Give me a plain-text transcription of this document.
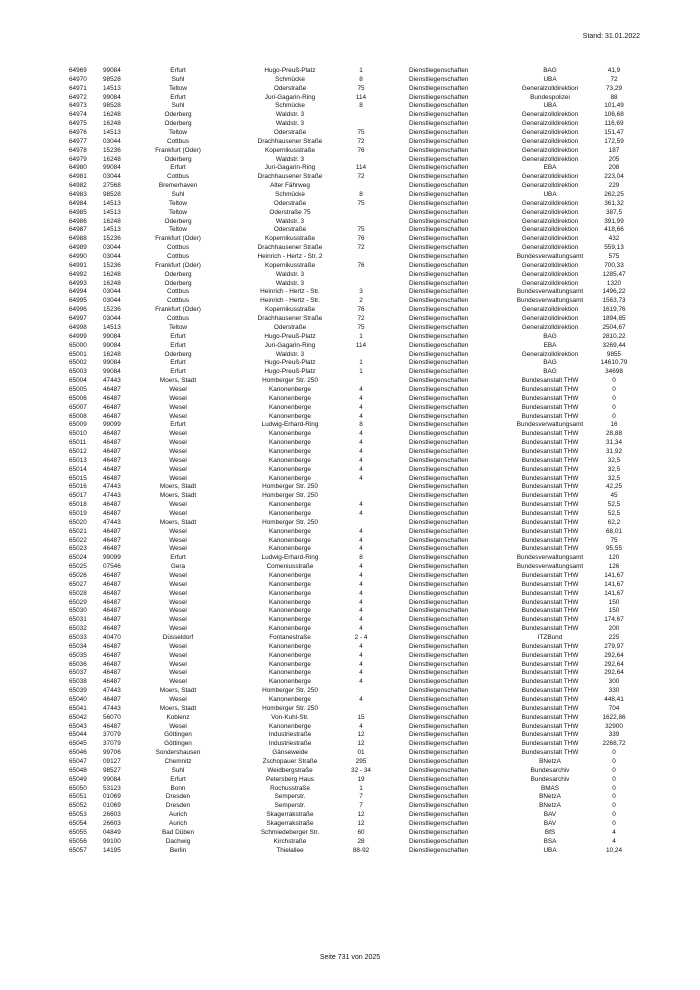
Stand: 31.01.2022
64969	99084	Erfurt	Hugo-Preuß-Platz	1	Dienstliegenschaften	BAG	41,9
64970	98528	Suhl	Schmücke	8	Dienstliegenschaften	UBA	72
64971	14513	Teltow	Oderstraße	75	Dienstliegenschaften	Generalzolldirektion	73,29
64972	99084	Erfurt	Juri-Gagarin-Ring	114	Dienstliegenschaften	Bundespolizei	88
64973	98528	Suhl	Schmücke	8	Dienstliegenschaften	UBA	101,49
64974	16248	Oderberg	Waldstr. 3	Dienstliegenschaften	Generalzolldirektion	106,68
64975	16248	Oderberg	Waldstr. 3	Dienstliegenschaften	Generalzolldirektion	116,69
64976	14513	Teltow	Oderstraße	75	Dienstliegenschaften	Generalzolldirektion	151,47
64977	03044	Cottbus	Drachhausener Straße	72	Dienstliegenschaften	Generalzolldirektion	172,59
64978	15236	Frankfurt (Oder)	Kopernikusstraße	76	Dienstliegenschaften	Generalzolldirektion	187
64979	16248	Oderberg	Waldstr. 3	Dienstliegenschaften	Generalzolldirektion	205
64980	99084	Erfurt	Juri-Gagarin-Ring	114	Dienstliegenschaften	EBA	208
64981	03044	Cottbus	Drachhausener Straße	72	Dienstliegenschaften	Generalzolldirektion	223,04
64982	27568	Bremerhaven	Alter Fährweg	Dienstliegenschaften	Generalzolldirektion	229
64983	98528	Suhl	Schmücke	8	Dienstliegenschaften	UBA	262,25
64984	14513	Teltow	Oderstraße	75	Dienstliegenschaften	Generalzolldirektion	361,32
64985	14513	Teltow	Oderstraße 75	Dienstliegenschaften	Generalzolldirektion	387,5
64986	16248	Oderberg	Waldstr. 3	Dienstliegenschaften	Generalzolldirektion	391,99
64987	14513	Teltow	Oderstraße	75	Dienstliegenschaften	Generalzolldirektion	418,66
64988	15236	Frankfurt (Oder)	Kopernikusstraße	76	Dienstliegenschaften	Generalzolldirektion	432
64989	03044	Cottbus	Drachhausener Straße	72	Dienstliegenschaften	Generalzolldirektion	559,13
64990	03044	Cottbus	Heinrich - Hertz - Str. 2	Dienstliegenschaften	Bundesverwaltungsamt	575
64991	15236	Frankfurt (Oder)	Kopernikusstraße	76	Dienstliegenschaften	Generalzolldirektion	700,33
64992	16248	Oderberg	Waldstr. 3	Dienstliegenschaften	Generalzolldirektion	1285,47
64993	16248	Oderberg	Waldstr. 3	Dienstliegenschaften	Generalzolldirektion	1320
64994	03044	Cottbus	Heinrich - Hertz - Str.	3	Dienstliegenschaften	Bundesverwaltungsamt	1496,22
64995	03044	Cottbus	Heinrich - Hertz - Str.	2	Dienstliegenschaften	Bundesverwaltungsamt	1563,73
64996	15236	Frankfurt (Oder)	Kopernikusstraße	76	Dienstliegenschaften	Generalzolldirektion	1619,76
64997	03044	Cottbus	Drachhausener Straße	72	Dienstliegenschaften	Generalzolldirektion	1894,85
64998	14513	Teltow	Oderstraße	75	Dienstliegenschaften	Generalzolldirektion	2504,67
64999	99084	Erfurt	Hugo-Preuß-Platz	1	Dienstliegenschaften	BAG	2810,22
65000	99084	Erfurt	Juri-Gagarin-Ring	114	Dienstliegenschaften	EBA	3269,44
65001	16248	Oderberg	Waldstr. 3	Dienstliegenschaften	Generalzolldirektion	9855
65002	99084	Erfurt	Hugo-Preuß-Platz	1	Dienstliegenschaften	BAG	14610,79
65003	99084	Erfurt	Hugo-Preuß-Platz	1	Dienstliegenschaften	BAG	34698
65004	47443	Moers, Stadt	Homberger Str. 250	Dienstliegenschaften	Bundesanstalt THW	0
65005	46487	Wesel	Kanonenberge	4	Dienstliegenschaften	Bundesanstalt THW	0
65006	46487	Wesel	Kanonenberge	4	Dienstliegenschaften	Bundesanstalt THW	0
65007	46487	Wesel	Kanonenberge	4	Dienstliegenschaften	Bundesanstalt THW	0
65008	46487	Wesel	Kanonenberge	4	Dienstliegenschaften	Bundesanstalt THW	0
65009	99099	Erfurt	Ludwig-Erhard-Ring	8	Dienstliegenschaften	Bundesverwaltungsamt	16
65010	46487	Wesel	Kanonenberge	4	Dienstliegenschaften	Bundesanstalt THW	28,88
65011	46487	Wesel	Kanonenberge	4	Dienstliegenschaften	Bundesanstalt THW	31,34
65012	46487	Wesel	Kanonenberge	4	Dienstliegenschaften	Bundesanstalt THW	31,92
65013	46487	Wesel	Kanonenberge	4	Dienstliegenschaften	Bundesanstalt THW	32,5
65014	46487	Wesel	Kanonenberge	4	Dienstliegenschaften	Bundesanstalt THW	32,5
65015	46487	Wesel	Kanonenberge	4	Dienstliegenschaften	Bundesanstalt THW	32,5
65016	47443	Moers, Stadt	Homberger Str. 250	Dienstliegenschaften	Bundesanstalt THW	42,25
65017	47443	Moers, Stadt	Homberger Str. 250	Dienstliegenschaften	Bundesanstalt THW	45
65018	46487	Wesel	Kanonenberge	4	Dienstliegenschaften	Bundesanstalt THW	52,5
65019	46487	Wesel	Kanonenberge	4	Dienstliegenschaften	Bundesanstalt THW	52,5
65020	47443	Moers, Stadt	Homberger Str. 250	Dienstliegenschaften	Bundesanstalt THW	62,2
65021	46487	Wesel	Kanonenberge	4	Dienstliegenschaften	Bundesanstalt THW	68,01
65022	46487	Wesel	Kanonenberge	4	Dienstliegenschaften	Bundesanstalt THW	75
65023	46487	Wesel	Kanonenberge	4	Dienstliegenschaften	Bundesanstalt THW	95,55
65024	99099	Erfurt	Ludwig-Erhard-Ring	8	Dienstliegenschaften	Bundesverwaltungsamt	120
65025	07546	Gera	Comeniusstraße	4	Dienstliegenschaften	Bundesverwaltungsamt	126
65026	46487	Wesel	Kanonenberge	4	Dienstliegenschaften	Bundesanstalt THW	141,67
65027	46487	Wesel	Kanonenberge	4	Dienstliegenschaften	Bundesanstalt THW	141,67
65028	46487	Wesel	Kanonenberge	4	Dienstliegenschaften	Bundesanstalt THW	141,67
65029	46487	Wesel	Kanonenberge	4	Dienstliegenschaften	Bundesanstalt THW	150
65030	46487	Wesel	Kanonenberge	4	Dienstliegenschaften	Bundesanstalt THW	150
65031	46487	Wesel	Kanonenberge	4	Dienstliegenschaften	Bundesanstalt THW	174,67
65032	46487	Wesel	Kanonenberge	4	Dienstliegenschaften	Bundesanstalt THW	200
65033	40470	Düsseldorf	Fontanestraße	2 - 4	Dienstliegenschaften	ITZBund	225
65034	46487	Wesel	Kanonenberge	4	Dienstliegenschaften	Bundesanstalt THW	279,97
65035	46487	Wesel	Kanonenberge	4	Dienstliegenschaften	Bundesanstalt THW	292,64
65036	46487	Wesel	Kanonenberge	4	Dienstliegenschaften	Bundesanstalt THW	292,64
65037	46487	Wesel	Kanonenberge	4	Dienstliegenschaften	Bundesanstalt THW	292,64
65038	46487	Wesel	Kanonenberge	4	Dienstliegenschaften	Bundesanstalt THW	300
65039	47443	Moers, Stadt	Homberger Str. 250	Dienstliegenschaften	Bundesanstalt THW	330
65040	46487	Wesel	Kanonenberge	4	Dienstliegenschaften	Bundesanstalt THW	448,41
65041	47443	Moers, Stadt	Homberger Str. 250	Dienstliegenschaften	Bundesanstalt THW	704
65042	56070	Koblenz	Von-Kuhl-Str.	15	Dienstliegenschaften	Bundesanstalt THW	1622,86
65043	46487	Wesel	Kanonenberge	4	Dienstliegenschaften	Bundesanstalt THW	32900
65044	37079	Göttingen	Industriestraße	12	Dienstliegenschaften	Bundesanstalt THW	339
65045	37079	Göttingen	Industriestraße	12	Dienstliegenschaften	Bundesanstalt THW	2268,72
65046	99706	Sondershausen	Gänseweide	01	Dienstliegenschaften	Bundesanstalt THW	0
65047	09127	Chemnitz	Zschopauer Straße	295	Dienstliegenschaften	BNetzA	0
65048	98527	Suhl	Weidbergstraße	32 - 34	Dienstliegenschaften	Bundesarchiv	0
65049	99084	Erfurt	Petersberg Haus	19	Dienstliegenschaften	Bundesarchiv	0
65050	53123	Bonn	Rochusstraße	1	Dienstliegenschaften	BMAS	0
65051	01069	Dresden	Semperstr.	7	Dienstliegenschaften	BNetzA	0
65052	01069	Dresden	Semperstr.	7	Dienstliegenschaften	BNetzA	0
65053	26603	Aurich	Skagerrakstraße	12	Dienstliegenschaften	BAV	0
65054	26603	Aurich	Skagerrakstraße	12	Dienstliegenschaften	BAV	0
65055	04849	Bad Düben	Schmiedeberger Str.	60	Dienstliegenschaften	BfS	4
65056	99100	Dachwig	Kirchstraße	28	Dienstliegenschaften	BSA	4
65057	14195	Berlin	Thielallee	88-92	Dienstliegenschaften	UBA	10,24
Seite 731 von 2025
